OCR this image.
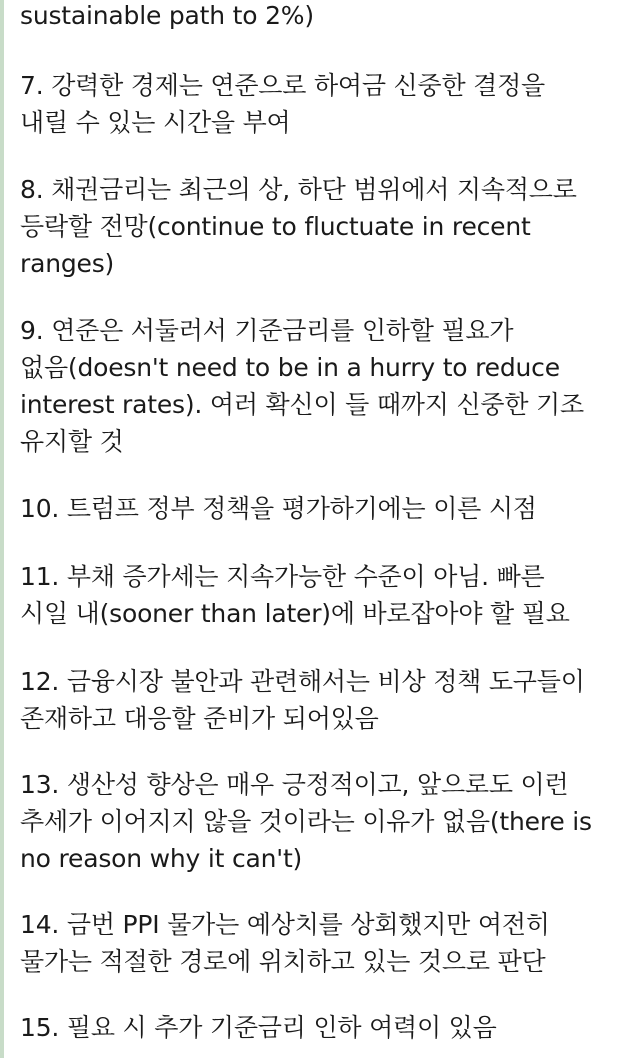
sustainable path to 2%)
7. 강력한 경제는 연준으로 하여금 신중한 결정을
내릴 수 있는 시간을 부여
8. 채권금리는 최근의 상, 하단 범위에서 지속적으로
등락할 전망(continue to fluctuate in recent
ranges)
9. 연준은 서둘러서 기준금리를 인하할 필요가
없음(doesn't need to be in a hurry to reduce
interest rates). 여러 확신이 들 때까지 신중한 기조
유지할 것
10. 트럼프 정부 정책을 평가하기에는 이른 시점
11. 부채 증가세는 지속가능한 수준이 아님. 빠른
시일 내(sooner than later)에 바로잡아야 할 필요
12. 금융시장 불안과 관련해서는 비상 정책 도구들이
존재하고 대응할 준비가 되어있음
13. 생산성 향상은 매우 긍정적이고, 앞으로도 이런
추세가 이어지지 않을 것이라는 이유가 없음(there is
no reason why it can't)
14. 금번 PPI 물가는 예상치를 상회했지만 여전히
물가는 적절한 경로에 위치하고 있는 것으로 판단
15. 필요 시 추가 기준금리 인하 여력이 있음
